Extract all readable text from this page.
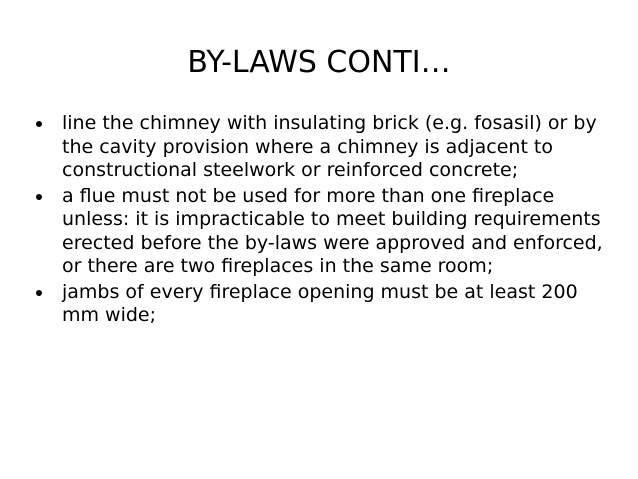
BY-LAWS CONTI…
line the chimney with insulating brick (e.g. fosasil) or by the cavity provision where a chimney is adjacent to constructional steelwork or reinforced concrete;
a flue must not be used for more than one fireplace unless: it is impracticable to meet building requirements erected before the by-laws were approved and enforced, or there are two fireplaces in the same room;
jambs of every fireplace opening must be at least 200 mm wide;
